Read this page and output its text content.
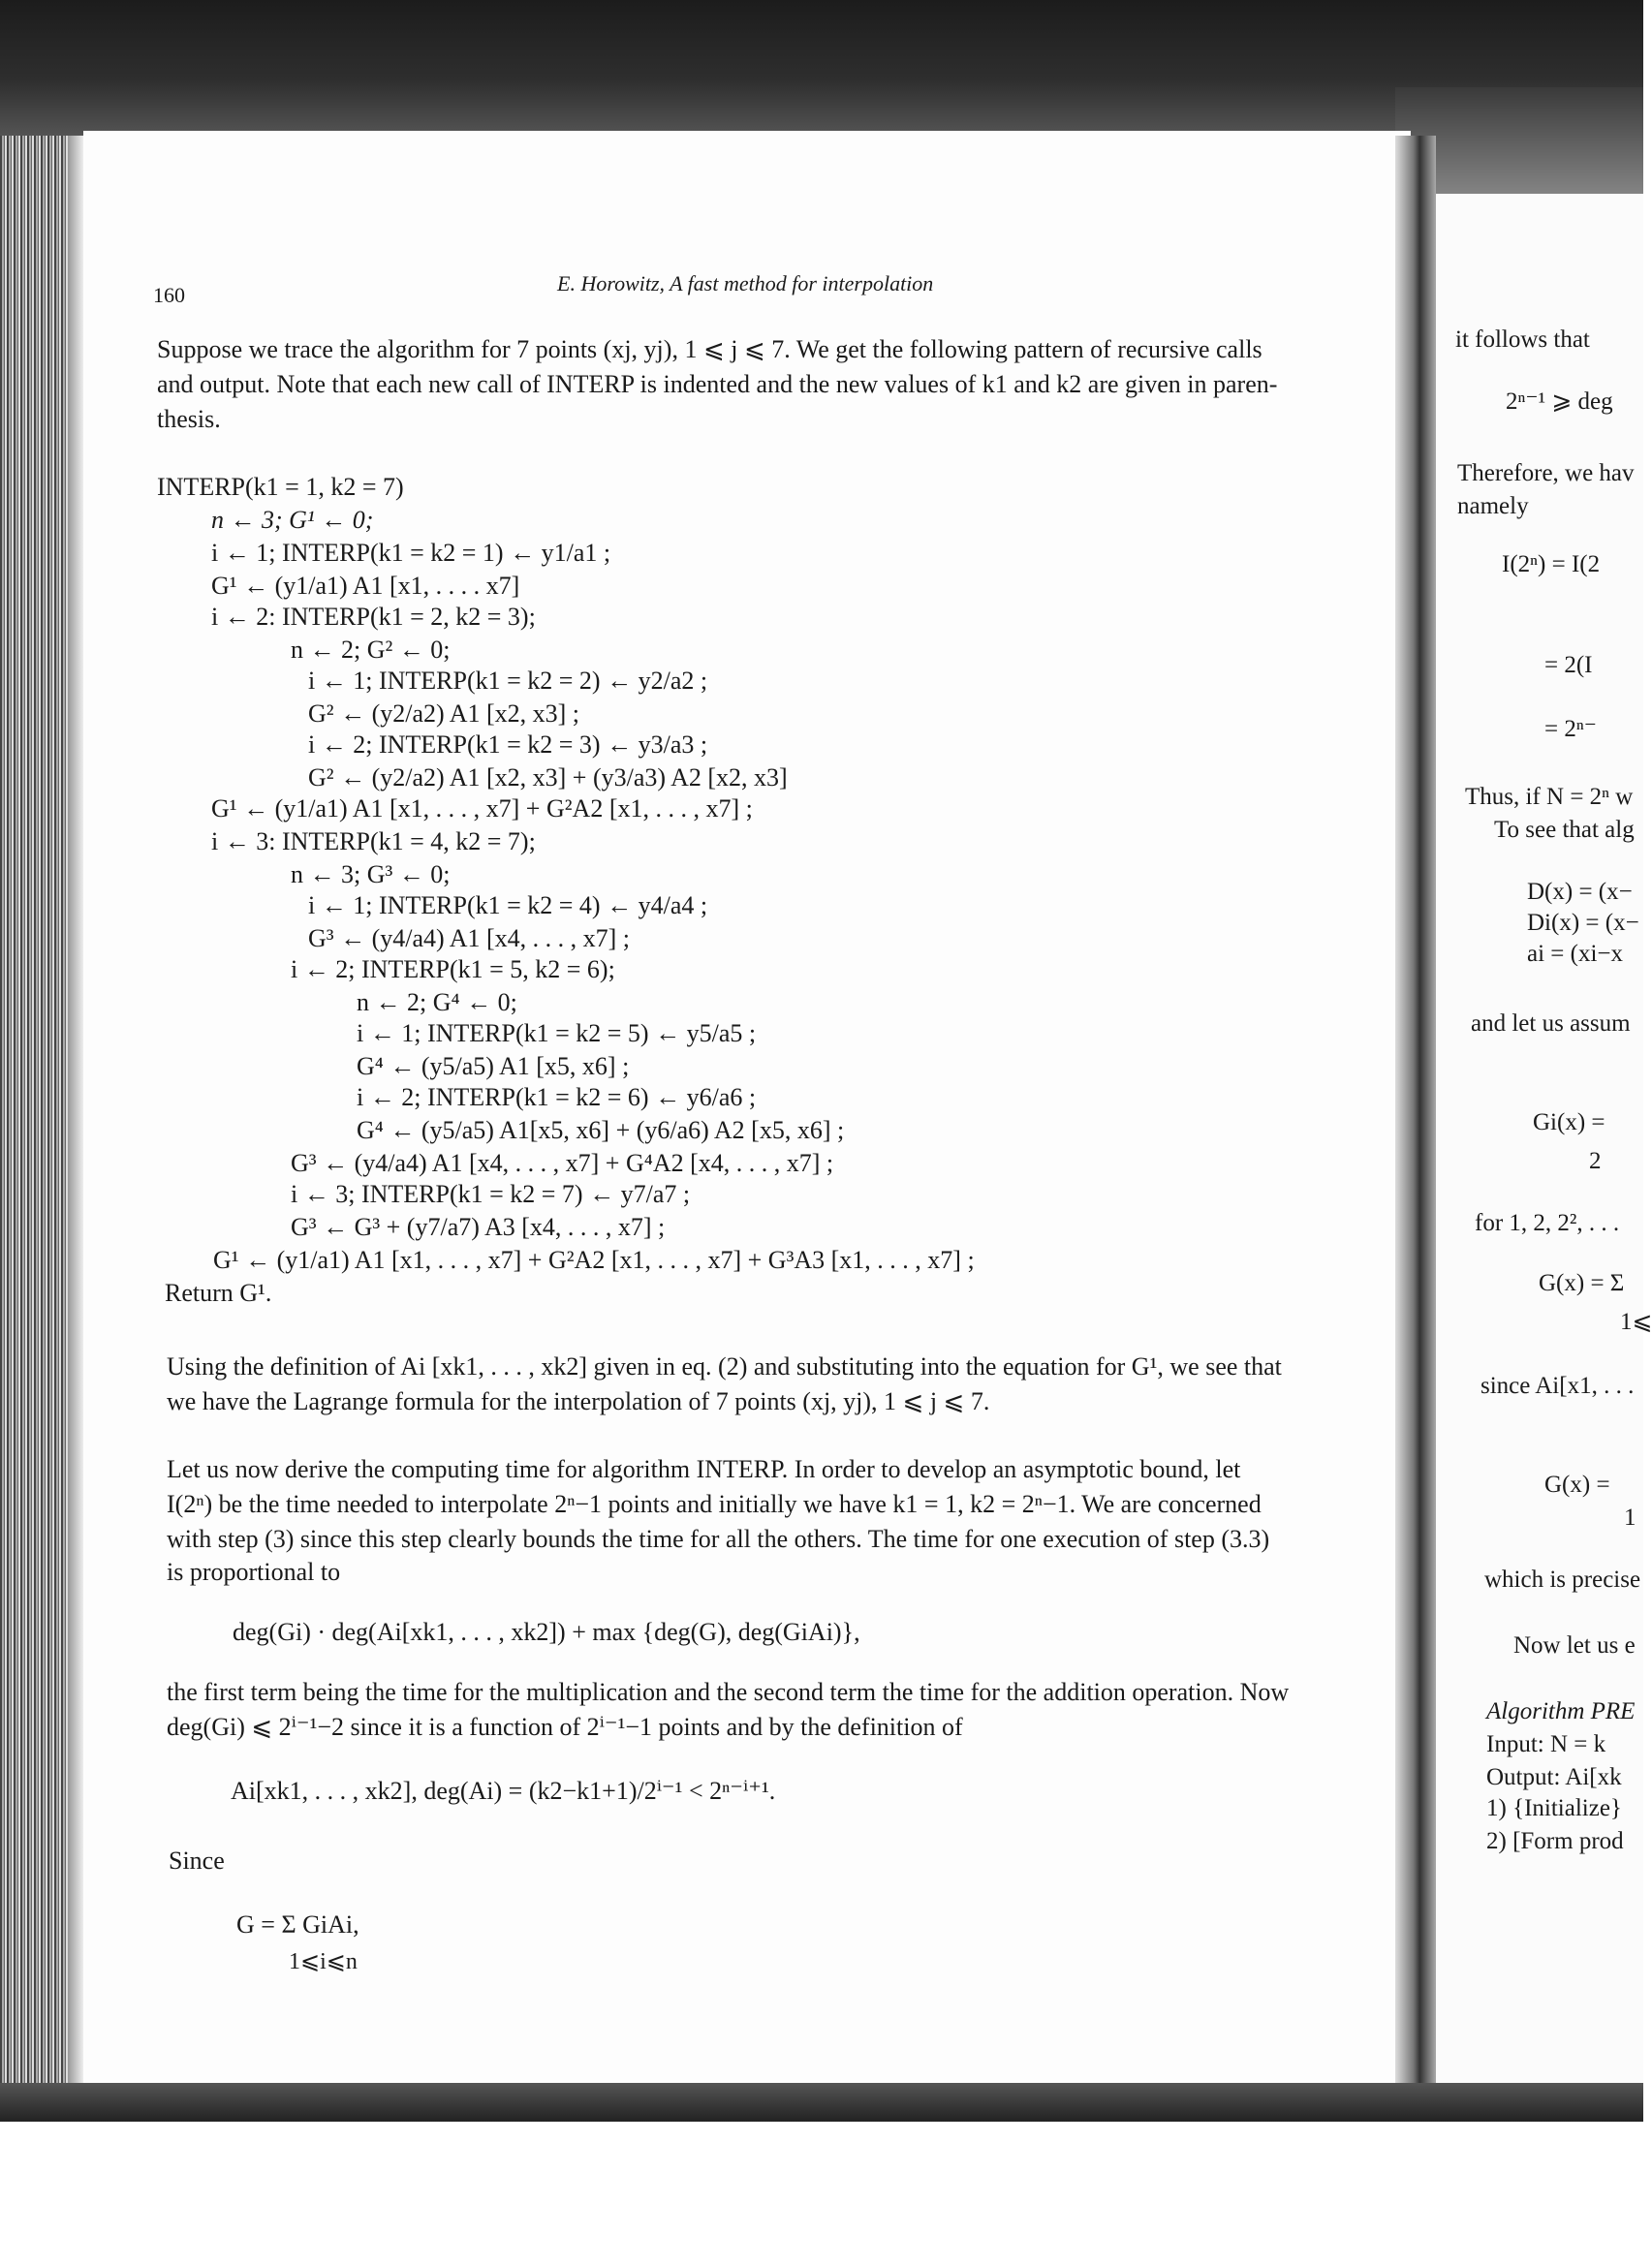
160	E. Horowitz, A fast method for interpolation
Suppose we trace the algorithm for 7 points (xj, yj), 1 ⩽ j ⩽ 7. We get the following pattern of recursive calls
and output. Note that each new call of INTERP is indented and the new values of k1 and k2 are given in paren-
thesis.
INTERP(k1 = 1, k2 = 7)
n ← 3; G¹ ← 0;
i ← 1; INTERP(k1 = k2 = 1) ← y1/a1 ;
G¹ ← (y1/a1) A1 [x1, . . . . x7]
i ← 2: INTERP(k1 = 2, k2 = 3);
n ← 2; G² ← 0;
i ← 1; INTERP(k1 = k2 = 2) ← y2/a2 ;
G² ← (y2/a2) A1 [x2, x3] ;
i ← 2; INTERP(k1 = k2 = 3) ← y3/a3 ;
G² ← (y2/a2) A1 [x2, x3] + (y3/a3) A2 [x2, x3]
G¹ ← (y1/a1) A1 [x1, . . . , x7] + G²A2 [x1, . . . , x7] ;
i ← 3: INTERP(k1 = 4, k2 = 7);
n ← 3; G³ ← 0;
i ← 1; INTERP(k1 = k2 = 4) ← y4/a4 ;
G³ ← (y4/a4) A1 [x4, . . . , x7] ;
i ← 2; INTERP(k1 = 5, k2 = 6);
n ← 2; G⁴ ← 0;
i ← 1; INTERP(k1 = k2 = 5) ← y5/a5 ;
G⁴ ← (y5/a5) A1 [x5, x6] ;
i ← 2; INTERP(k1 = k2 = 6) ← y6/a6 ;
G⁴ ← (y5/a5) A1[x5, x6] + (y6/a6) A2 [x5, x6] ;
G³ ← (y4/a4) A1 [x4, . . . , x7] + G⁴A2 [x4, . . . , x7] ;
i ← 3; INTERP(k1 = k2 = 7) ← y7/a7 ;
G³ ← G³ + (y7/a7) A3 [x4, . . . , x7] ;
G¹ ← (y1/a1) A1 [x1, . . . , x7] + G²A2 [x1, . . . , x7] + G³A3 [x1, . . . , x7] ;
Return G¹.
Using the definition of Ai [xk1, . . . , xk2] given in eq. (2) and substituting into the equation for G¹, we see that
we have the Lagrange formula for the interpolation of 7 points (xj, yj), 1 ⩽ j ⩽ 7.
Let us now derive the computing time for algorithm INTERP. In order to develop an asymptotic bound, let
I(2ⁿ) be the time needed to interpolate 2ⁿ−1 points and initially we have k1 = 1, k2 = 2ⁿ−1. We are concerned
with step (3) since this step clearly bounds the time for all the others. The time for one execution of step (3.3)
is proportional to
deg(Gi) · deg(Ai[xk1, . . . , xk2]) + max {deg(G), deg(GiAi)},
the first term being the time for the multiplication and the second term the time for the addition operation. Now
deg(Gi) ⩽ 2ⁱ⁻¹−2 since it is a function of 2ⁱ⁻¹−1 points and by the definition of
Ai[xk1, . . . , xk2], deg(Ai) = (k2−k1+1)/2ⁱ⁻¹ < 2ⁿ⁻ⁱ⁺¹.
Since
G = Σ GiAi,
1⩽i⩽n
it follows that
2ⁿ⁻¹ ⩾ deg
Therefore, we hav
namely
I(2ⁿ) = I(2
= 2(I
= 2ⁿ⁻
Thus, if N = 2ⁿ w
To see that alg
D(x) = (x−
Di(x) = (x−
ai = (xi−x
and let us assum
Gi(x) =
2
for 1, 2, 2², . . .
G(x) = Σ
1⩽
since Ai[x1, . . .
G(x) =
1
which is precise
Now let us e
Algorithm PRE
Input: N = k
Output: Ai[xk
1) {Initialize}
2) [Form prod
